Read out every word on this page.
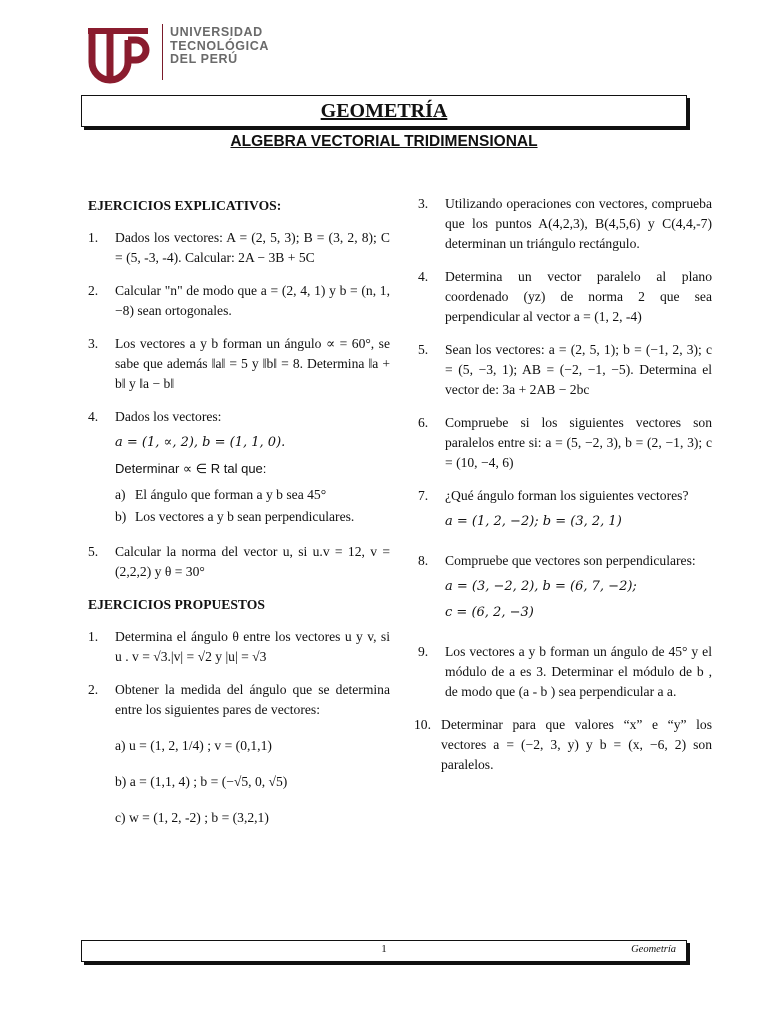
UNIVERSIDAD
TECNOLÓGICA
DEL PERÚ
GEOMETRÍA
ALGEBRA VECTORIAL TRIDIMENSIONAL
EJERCICIOS EXPLICATIVOS:
1.	Dados los vectores: A = (2, 5, 3); B = (3, 2, 8); C = (5, -3, -4). Calcular: 2A − 3B + 5C
2.	Calcular "n" de modo que a = (2, 4, 1) y b = (n, 1, −8) sean ortogonales.
3.	Los vectores a y b forman un ángulo ∝ = 60°, se sabe que además ‖a‖ = 5 y ‖b‖ = 8. Determina ‖a + b‖ y ‖a − b‖
4.	Dados los vectores:
a = (1, ∝, 2), b = (1, 1, 0).
Determinar ∝ ∈ R tal que:
a) El ángulo que forman a y b sea 45°
b) Los vectores a y b sean perpendiculares.
5.	Calcular la norma del vector u, si u.v = 12, v = (2,2,2) y θ = 30°
EJERCICIOS PROPUESTOS
1.	Determina el ángulo θ entre los vectores u y v, si u . v = √3.|v| = √2 y |u| = √3
2.	Obtener la medida del ángulo que se determina entre los siguientes pares de vectores:
a) u = (1, 2, 1/4) ; v = (0,1,1)
b) a = (1,1, 4) ; b = (−√5, 0, √5)
c) w = (1, 2, -2) ; b = (3,2,1)
3.	Utilizando operaciones con vectores, comprueba que los puntos A(4,2,3), B(4,5,6) y C(4,4,-7) determinan un triángulo rectángulo.
4.	Determina un vector paralelo al plano coordenado (yz) de norma 2 que sea perpendicular al vector a = (1, 2, -4)
5.	Sean los vectores: a = (2, 5, 1); b = (−1, 2, 3); c = (5, −3, 1); AB = (−2, −1, −5). Determina el vector de: 3a + 2AB − 2bc
6.	Compruebe si los siguientes vectores son paralelos entre si: a = (5, −2, 3), b = (2, −1, 3); c = (10, −4, 6)
7.	¿Qué ángulo forman los siguientes vectores?
a = (1, 2, −2); b = (3, 2, 1)
8.	Compruebe que vectores son perpendiculares:
a = (3, −2, 2), b = (6, 7, −2);
c = (6, 2, −3)
9.	Los vectores a y b forman un ángulo de 45° y el módulo de a es 3. Determinar el módulo de b , de modo que (a - b ) sea perpendicular a a.
10. Determinar para que valores “x” e “y” los vectores a = (−2, 3, y) y b = (x, −6, 2) son paralelos.
1	Geometría
